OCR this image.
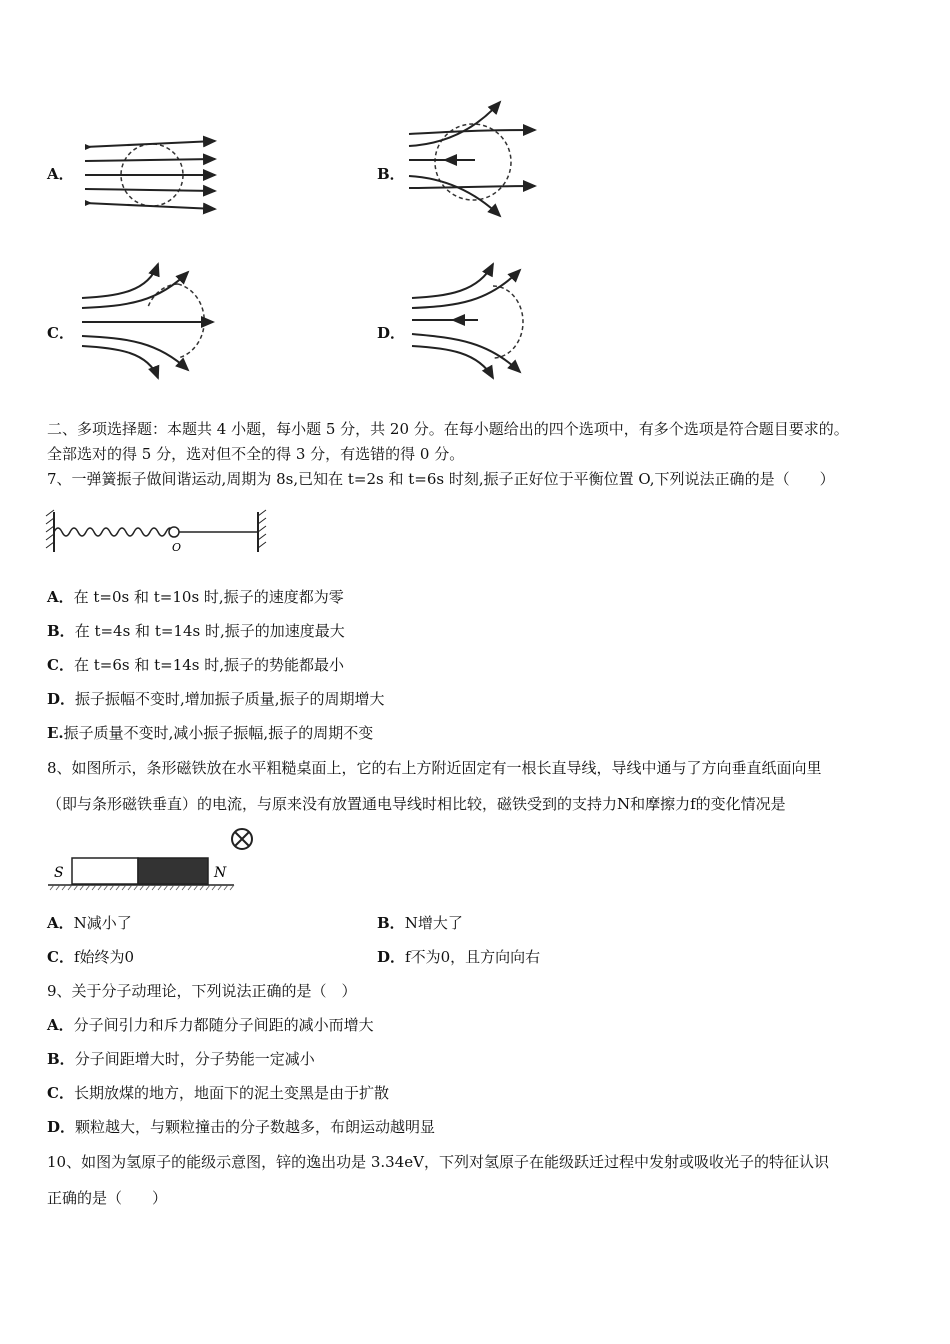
A．	B．
C．	D．
二、多项选择题：本题共 4 小题，每小题 5 分，共 20 分。在每小题给出的四个选项中，有多个选项是符合题目要求的。
全部选对的得 5 分，选对但不全的得 3 分，有选错的得 0 分。
7、一弹簧振子做间谐运动,周期为 8s,已知在 t=2s 和 t=6s 时刻,振子正好位于平衡位置 O,下列说法正确的是（　　）
O
A．在 t=0s 和 t=10s 时,振子的速度都为零
B．在 t=4s 和 t=14s 时,振子的加速度最大
C．在 t=6s 和 t=14s 时,振子的势能都最小
D．振子振幅不变时,增加振子质量,振子的周期增大
E.振子质量不变时,减小振子振幅,振子的周期不变
8、如图所示，条形磁铁放在水平粗糙桌面上，它的右上方附近固定有一根长直导线，导线中通与了方向垂直纸面向里
（即与条形磁铁垂直）的电流，与原来没有放置通电导线时相比较，磁铁受到的支持力N和摩擦力f的变化情况是
S	N
A．N减小了	B．N增大了
C．f始终为0	D．f不为0，且方向向右
9、关于分子动理论，下列说法正确的是（　）
A．分子间引力和斥力都随分子间距的减小而增大
B．分子间距增大时，分子势能一定减小
C．长期放煤的地方，地面下的泥土变黑是由于扩散
D．颗粒越大，与颗粒撞击的分子数越多，布朗运动越明显
10、如图为氢原子的能级示意图，锌的逸出功是 3.34eV，下列对氢原子在能级跃迁过程中发射或吸收光子的特征认识
正确的是（　　）
